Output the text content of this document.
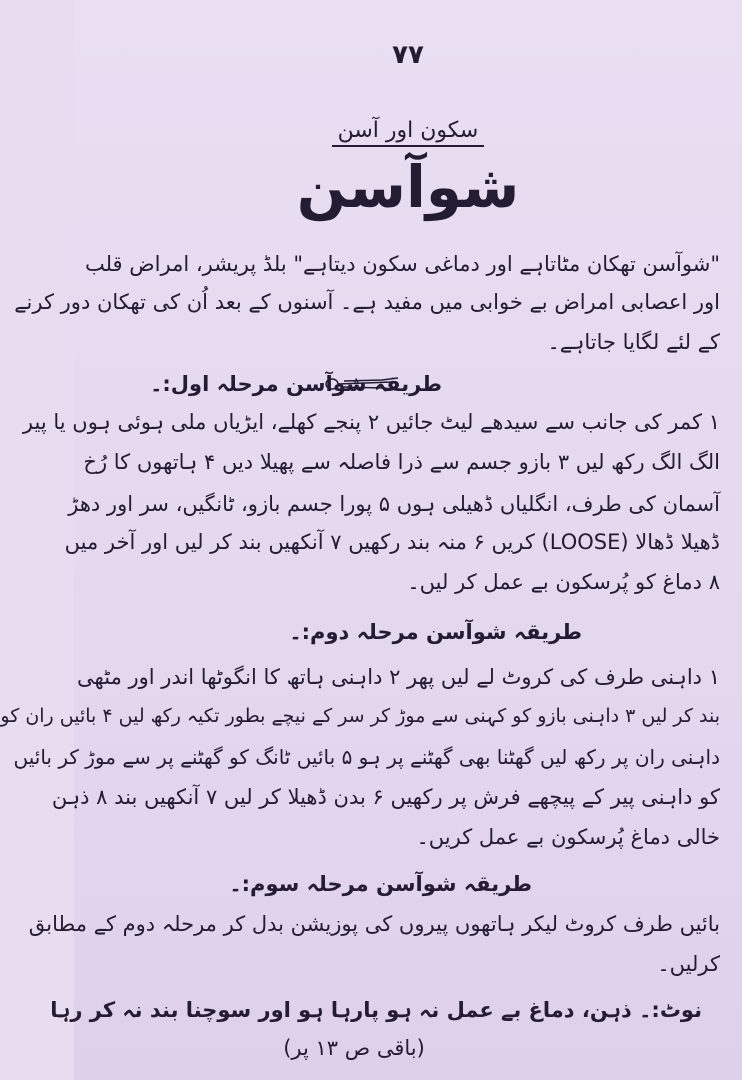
۷۷
سکون اور آسن
شوآسن
"شوآسن تھکان مٹاتاہے اور دماغی سکون دیتاہے" بلڈ پریشر، امراض قلب
اور اعصابی امراض بے خوابی میں مفید ہے۔ آسنوں کے بعد اُن کی تھکان دور کرنے
کے لئے لگایا جاتاہے۔
طریقہ شوآسن مرحلہ اول:۔
۱ کمر کی جانب سے سیدھے لیٹ جائیں ۲ پنجے کھلے، ایڑیاں ملی ہوئی ہوں یا پیر
الگ الگ رکھ لیں ۳ بازو جسم سے ذرا فاصلہ سے پھیلا دیں ۴ ہاتھوں کا رُخ
آسمان کی طرف، انگلیاں ڈھیلی ہوں ۵ پورا جسم بازو، ٹانگیں، سر اور دھڑ
ڈھیلا ڈھالا (LOOSE) کریں ۶ منہ بند رکھیں ۷ آنکھیں بند کر لیں اور آخر میں
۸ دماغ کو پُرسکون بے عمل کر لیں۔
طریقہ شوآسن مرحلہ دوم:۔
۱ داہنی طرف کی کروٹ لے لیں پھر ۲ داہنی ہاتھ کا انگوٹھا اندر اور مٹھی
بند کر لیں ۳ داہنی بازو کو کہنی سے موڑ کر سر کے نیچے بطور تکیہ رکھ لیں ۴ بائیں ران کو
داہنی ران پر رکھ لیں گھٹنا بھی گھٹنے پر ہو ۵ بائیں ٹانگ کو گھٹنے پر سے موڑ کر بائیں
کو داہنی پیر کے پیچھے فرش پر رکھیں ۶ بدن ڈھیلا کر لیں ۷ آنکھیں بند ۸ ذہن
خالی دماغ پُرسکون بے عمل کریں۔
طریقہ شوآسن مرحلہ سوم:۔
بائیں طرف کروٹ لیکر ہاتھوں پیروں کی پوزیشن بدل کر مرحلہ دوم کے مطابق
کرلیں۔
نوٹ:۔ ذہن، دماغ بے عمل نہ ہو پارہا ہو اور سوچنا بند نہ کر رہا
(باقی ص ۱۳ پر)
